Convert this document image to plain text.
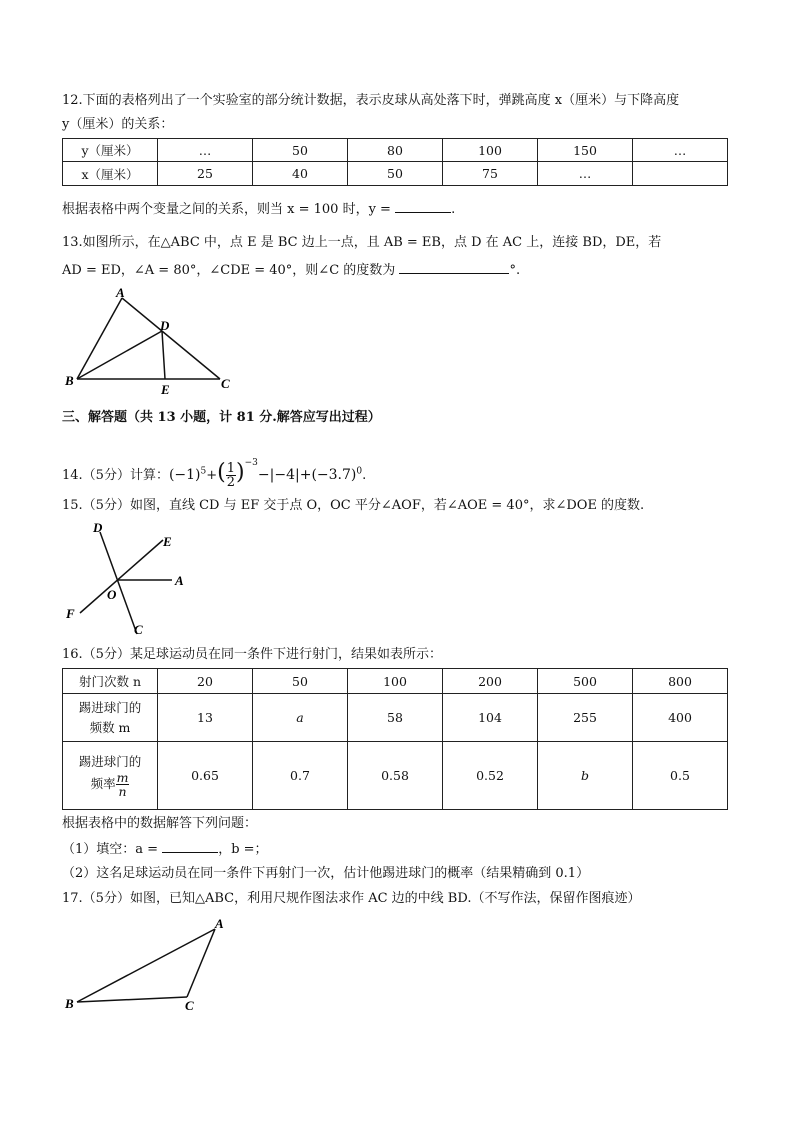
12.下面的表格列出了一个实验室的部分统计数据，表示皮球从高处落下时，弹跳高度 x（厘米）与下降高度
y（厘米）的关系：
y（厘米）	…	50	80	100	150	…
x（厘米）	25	40	50	75	…	
根据表格中两个变量之间的关系，则当 x = 100 时，y =	.
13.如图所示，在△ABC 中，点 E 是 BC 边上一点，且 AB = EB，点 D 在 AC 上，连接 BD，DE，若
AD = ED，∠A = 80°，∠CDE = 40°，则∠C 的度数为	°.
A
D
B
E	C
三、解答题（共 13 小题，计 81 分.解答应写出过程）
14.（5分）计算：$(-1)^5+( \frac{1}{2} )^{-3}-|-4|+(-3.7)^0$.
15.（5分）如图，直线 CD 与 EF 交于点 O，OC 平分∠AOF，若∠AOE = 40°，求∠DOE 的度数.
D
E
A
O
F
C
16.（5分）某足球运动员在同一条件下进行射门，结果如表所示：
射门次数 n	20	50	100	200	500	800

踢进球门的
频数 m	13	a	58	104	255	400

踢进球门的
频率 $\frac{m}{n}$	0.65	0.7	0.58	0.52	b	0.5
根据表格中的数据解答下列问题：
（1）填空：a =	，b =；
（2）这名足球运动员在同一条件下再射门一次，估计他踢进球门的概率（结果精确到 0.1）
17.（5分）如图，已知△ABC，利用尺规作图法求作 AC 边的中线 BD.（不写作法，保留作图痕迹）
A
B	C
